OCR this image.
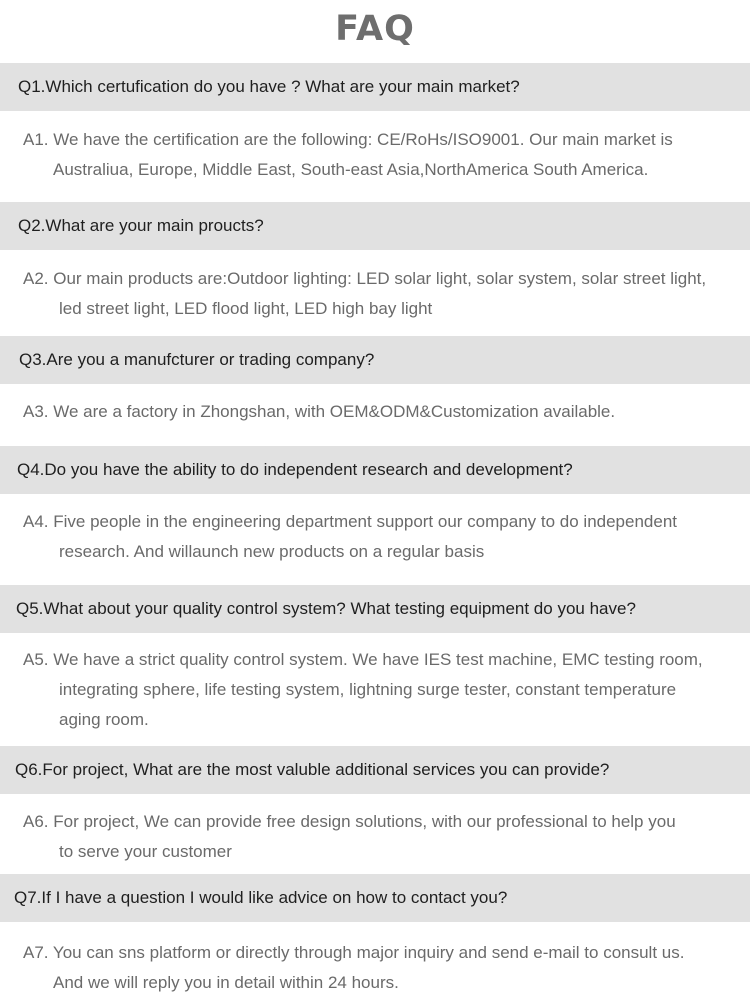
FAQ
Q1.Which certufication do you have ? What are your main market?
A1. We have the certification are the following: CE/RoHs/ISO9001. Our main market is
Australiua, Europe, Middle East, South-east Asia,NorthAmerica South America.
Q2.What are your main proucts?
A2. Our main products are:Outdoor lighting: LED solar light, solar system, solar street light,
led street light, LED flood light, LED high bay light
Q3.Are you a manufcturer or trading company?
A3. We are a factory in Zhongshan, with OEM&ODM&Customization available.
Q4.Do you have the ability to do independent research and development?
A4. Five people in the engineering department support our company to do independent
research. And willaunch new products on a regular basis
Q5.What about your quality control system? What testing equipment do you have?
A5. We have a strict quality control system. We have IES test machine, EMC testing room,
integrating sphere, life testing system, lightning surge tester, constant temperature
aging room.
Q6.For project, What are the most valuble additional services you can provide?
A6. For project, We can provide free design solutions, with our professional to help you
to serve your customer
Q7.If I have a question I would like advice on how to contact you?
A7. You can sns platform or directly through major inquiry and send e-mail to consult us.
And we will reply you in detail within 24 hours.
